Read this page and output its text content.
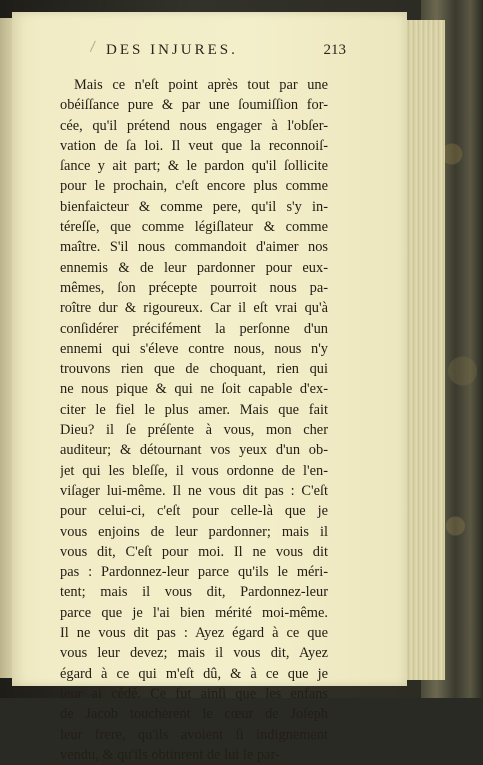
DES INJURES.	213
Mais ce n'eſt point après tout par une
obéiſſance pure & par une ſoumiſſion for-
cée, qu'il prétend nous engager à l'obſer-
vation de ſa loi. Il veut que la reconnoiſ-
ſance y ait part; & le pardon qu'il ſollicite
pour le prochain, c'eſt encore plus comme
bienfaicteur & comme pere, qu'il s'y in-
téreſſe, que comme légiſlateur & comme
maître. S'il nous commandoit d'aimer nos
ennemis & de leur pardonner pour eux-
mêmes, ſon précepte pourroit nous pa-
roître dur & rigoureux. Car il eſt vrai qu'à
conſidérer précifément la perſonne d'un
ennemi qui s'éleve contre nous, nous n'y
trouvons rien que de choquant, rien qui
ne nous pique & qui ne ſoit capable d'ex-
citer le fiel le plus amer. Mais que fait
Dieu? il ſe préſente à vous, mon cher
auditeur; & détournant vos yeux d'un ob-
jet qui les bleſſe, il vous ordonne de l'en-
viſager lui-même. Il ne vous dit pas : C'eſt
pour celui-ci, c'eſt pour celle-là que je
vous enjoins de leur pardonner; mais il
vous dit, C'eſt pour moi. Il ne vous dit
pas : Pardonnez-leur parce qu'ils le méri-
tent; mais il vous dit, Pardonnez-leur
parce que je l'ai bien mérité moi-même.
Il ne vous dit pas : Ayez égard à ce que
vous leur devez; mais il vous dit, Ayez
égard à ce qui m'eſt dû, & à ce que je
leur ai cédé. Ce fut ainſi que les enfans
de Jacob toucherent le cœur de Joſeph
leur frere, qu'ils avoient ſi indignement
vendu, & qu'ils obtinrent de lui le par-
